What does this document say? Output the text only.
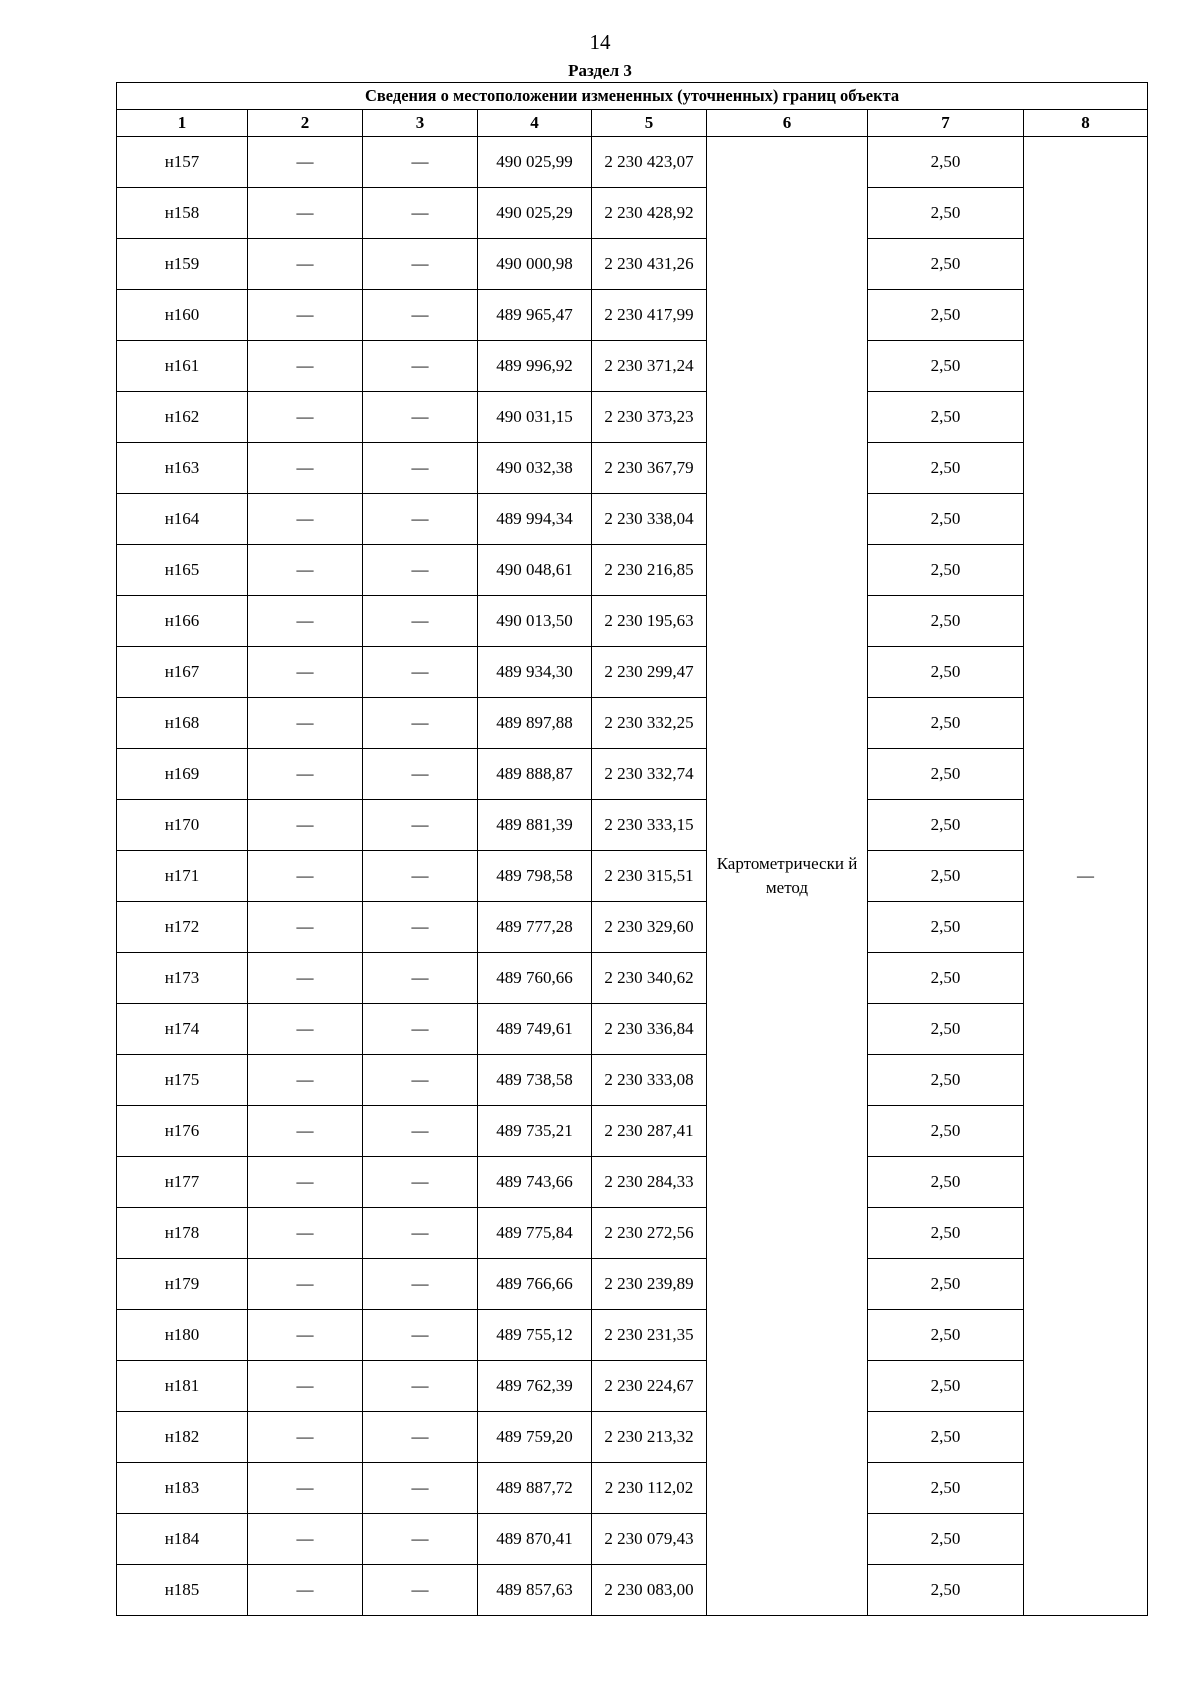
14
Раздел 3
Сведения о местоположении измененных (уточненных) границ объекта							
1	2	3	4	5	6	7	8
н157	—	—	490 025,99	2 230 423,07	Картометрически й метод	2,50	—
н158	—	—	490 025,29	2 230 428,92		2,50	
н159	—	—	490 000,98	2 230 431,26		2,50	
н160	—	—	489 965,47	2 230 417,99		2,50	
н161	—	—	489 996,92	2 230 371,24		2,50	
н162	—	—	490 031,15	2 230 373,23		2,50	
н163	—	—	490 032,38	2 230 367,79		2,50	
н164	—	—	489 994,34	2 230 338,04		2,50	
н165	—	—	490 048,61	2 230 216,85		2,50	
н166	—	—	490 013,50	2 230 195,63		2,50	
н167	—	—	489 934,30	2 230 299,47		2,50	
н168	—	—	489 897,88	2 230 332,25		2,50	
н169	—	—	489 888,87	2 230 332,74		2,50	
н170	—	—	489 881,39	2 230 333,15		2,50	
н171	—	—	489 798,58	2 230 315,51		2,50	
н172	—	—	489 777,28	2 230 329,60		2,50	
н173	—	—	489 760,66	2 230 340,62		2,50	
н174	—	—	489 749,61	2 230 336,84		2,50	
н175	—	—	489 738,58	2 230 333,08		2,50	
н176	—	—	489 735,21	2 230 287,41		2,50	
н177	—	—	489 743,66	2 230 284,33		2,50	
н178	—	—	489 775,84	2 230 272,56		2,50	
н179	—	—	489 766,66	2 230 239,89		2,50	
н180	—	—	489 755,12	2 230 231,35		2,50	
н181	—	—	489 762,39	2 230 224,67		2,50	
н182	—	—	489 759,20	2 230 213,32		2,50	
н183	—	—	489 887,72	2 230 112,02		2,50	
н184	—	—	489 870,41	2 230 079,43		2,50	
н185	—	—	489 857,63	2 230 083,00		2,50	
